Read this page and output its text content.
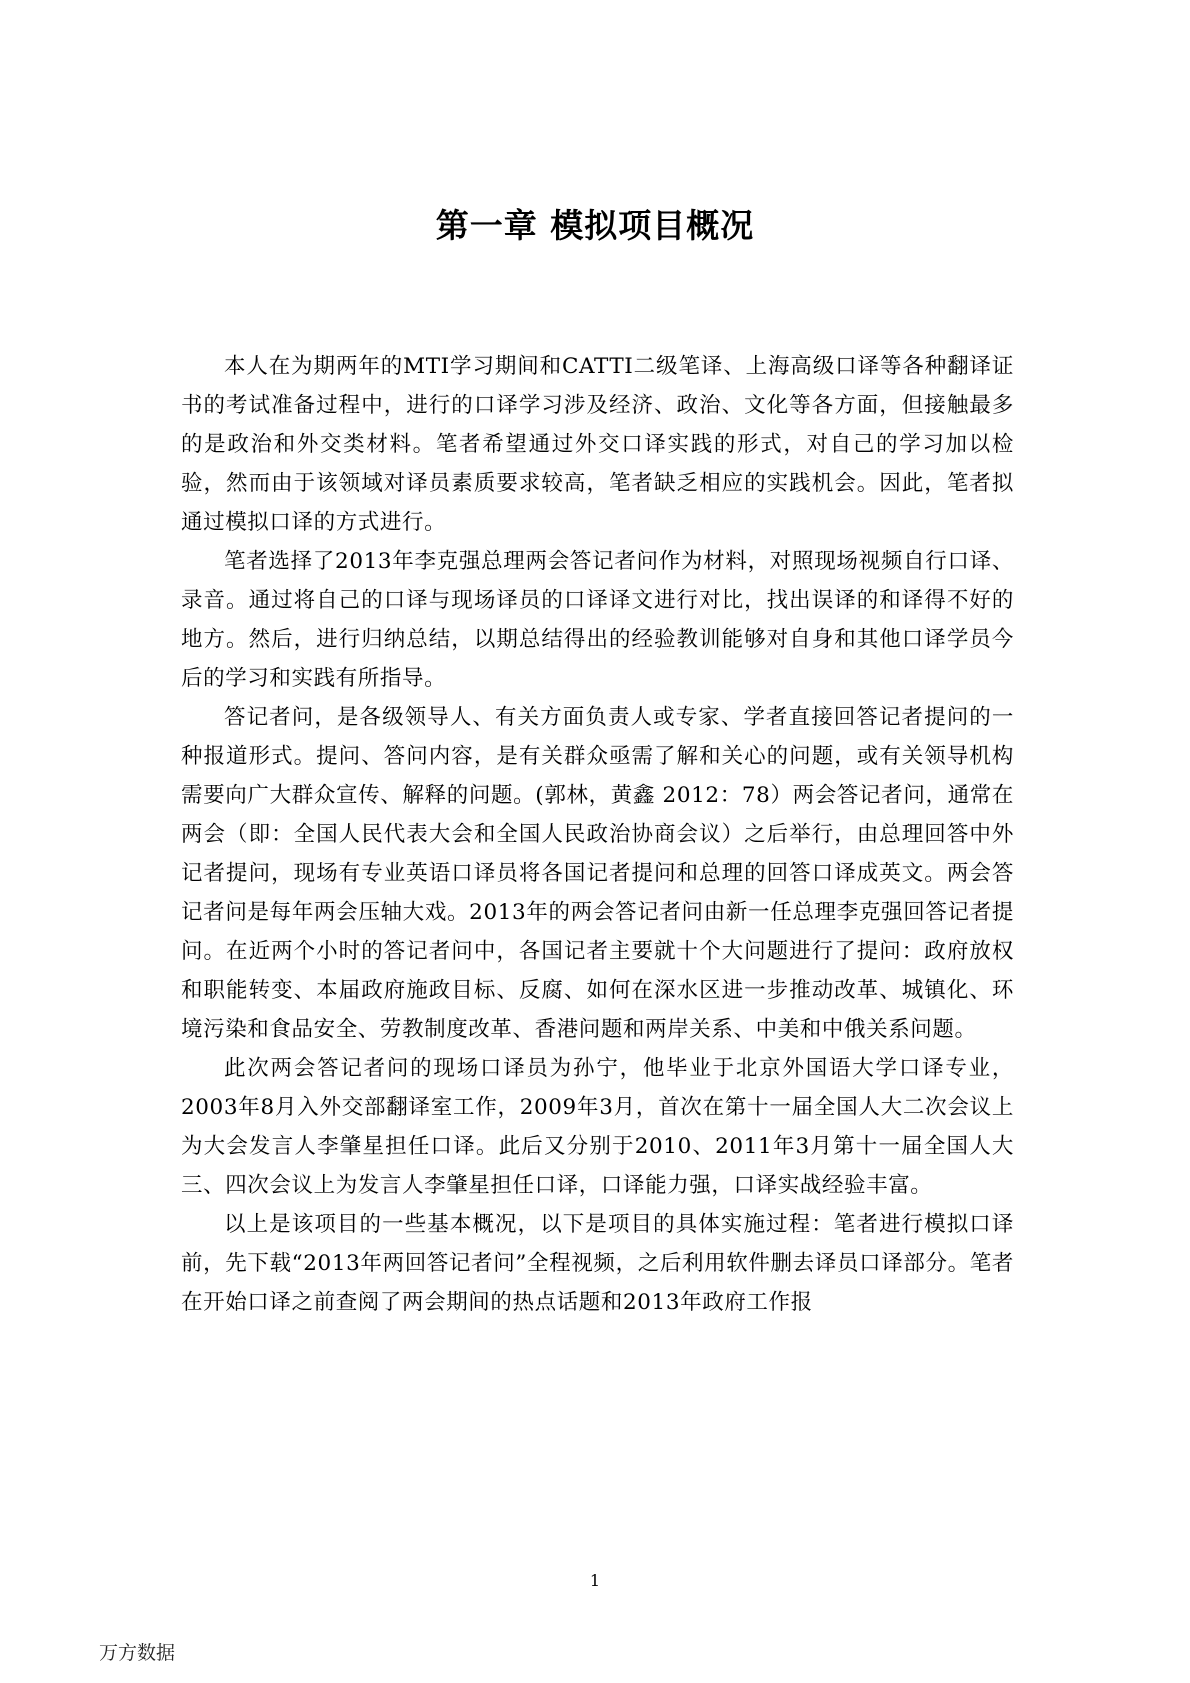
第一章 模拟项目概况

本人在为期两年的MTI学习期间和CATTI二级笔译、上海高级口译等各种翻译证书的考试准备过程中，进行的口译学习涉及经济、政治、文化等各方面，但接触最多的是政治和外交类材料。笔者希望通过外交口译实践的形式，对自己的学习加以检验，然而由于该领域对译员素质要求较高，笔者缺乏相应的实践机会。因此，笔者拟通过模拟口译的方式进行。

笔者选择了2013年李克强总理两会答记者问作为材料，对照现场视频自行口译、录音。通过将自己的口译与现场译员的口译译文进行对比，找出误译的和译得不好的地方。然后，进行归纳总结，以期总结得出的经验教训能够对自身和其他口译学员今后的学习和实践有所指导。

答记者问，是各级领导人、有关方面负责人或专家、学者直接回答记者提问的一种报道形式。提问、答问内容，是有关群众亟需了解和关心的问题，或有关领导机构需要向广大群众宣传、解释的问题。(郭林，黄鑫 2012：78）两会答记者问，通常在两会（即：全国人民代表大会和全国人民政治协商会议）之后举行，由总理回答中外记者提问，现场有专业英语口译员将各国记者提问和总理的回答口译成英文。两会答记者问是每年两会压轴大戏。2013年的两会答记者问由新一任总理李克强回答记者提问。在近两个小时的答记者问中，各国记者主要就十个大问题进行了提问：政府放权和职能转变、本届政府施政目标、反腐、如何在深水区进一步推动改革、城镇化、环境污染和食品安全、劳教制度改革、香港问题和两岸关系、中美和中俄关系问题。

此次两会答记者问的现场口译员为孙宁，他毕业于北京外国语大学口译专业，2003年8月入外交部翻译室工作，2009年3月，首次在第十一届全国人大二次会议上为大会发言人李肇星担任口译。此后又分别于2010、2011年3月第十一届全国人大三、四次会议上为发言人李肇星担任口译，口译能力强，口译实战经验丰富。

以上是该项目的一些基本概况，以下是项目的具体实施过程：笔者进行模拟口译前，先下载“2013年两回答记者问”全程视频，之后利用软件删去译员口译部分。笔者在开始口译之前查阅了两会期间的热点话题和2013年政府工作报

1
万方数据
